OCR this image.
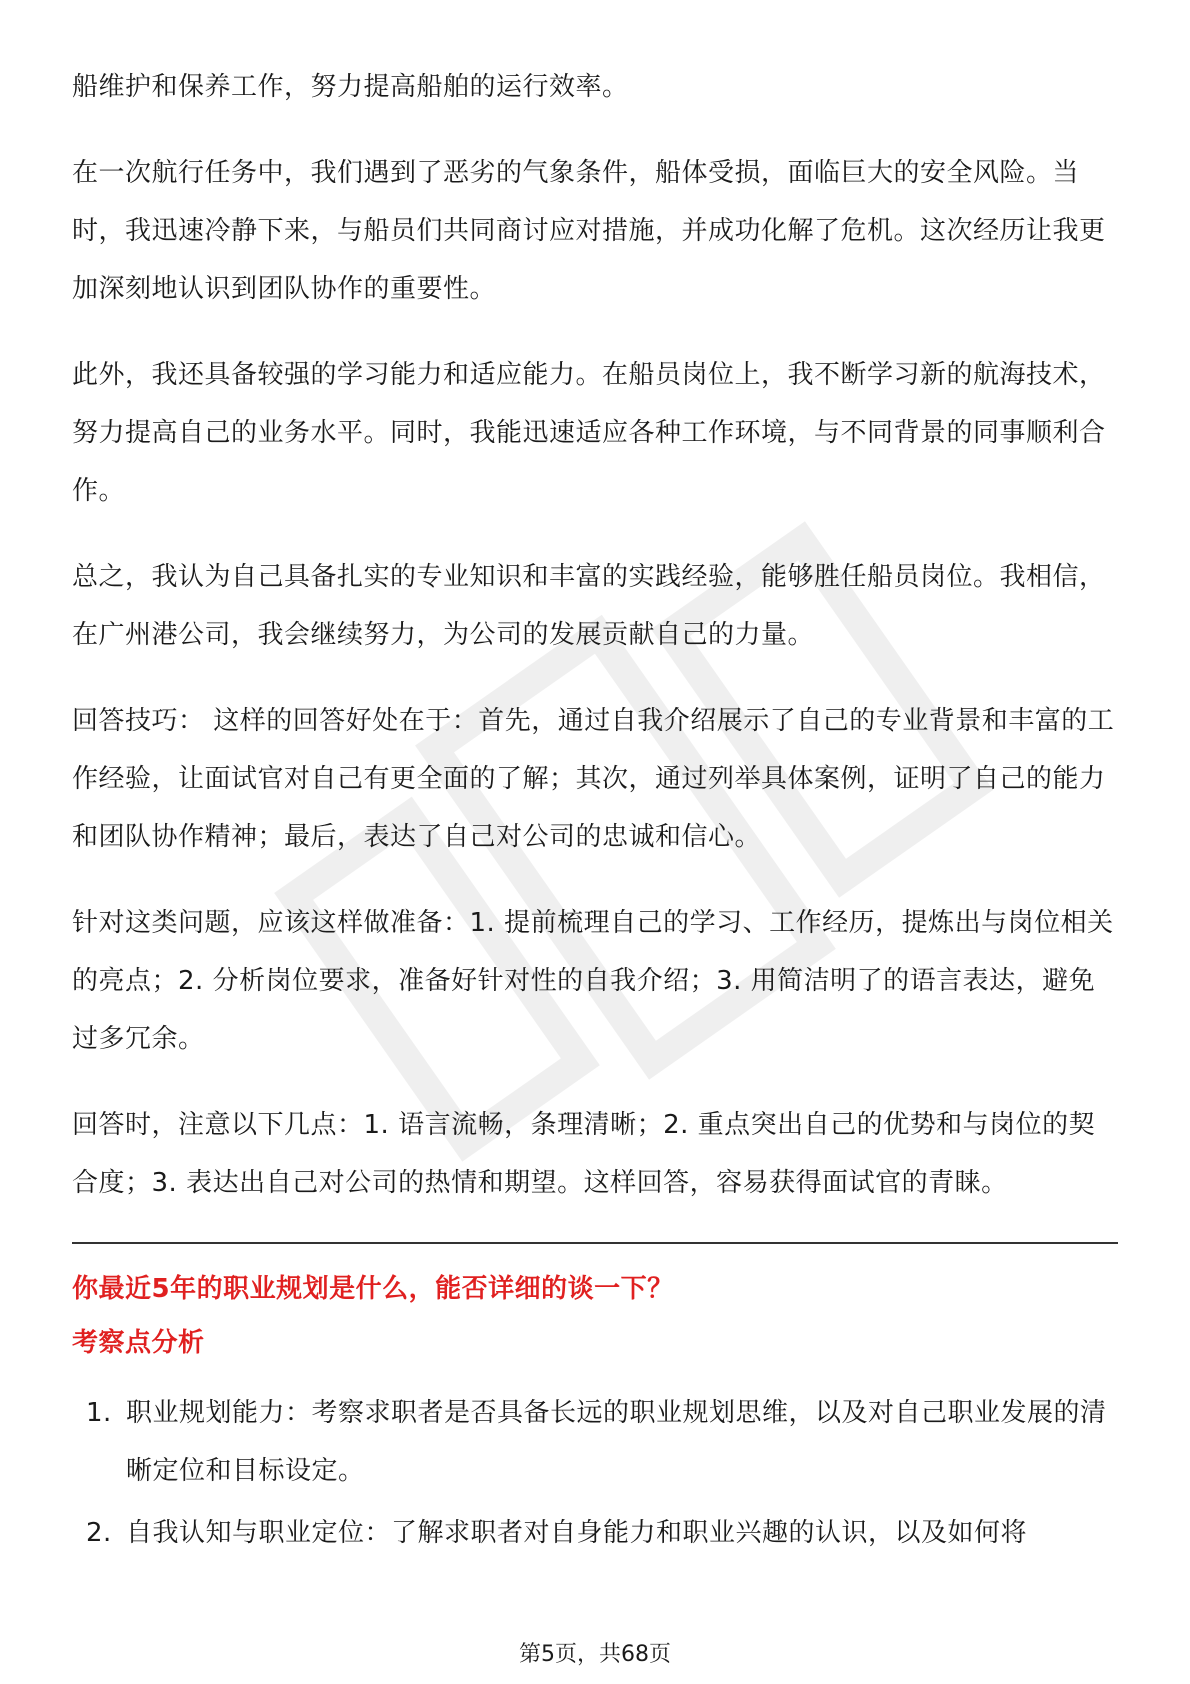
船维护和保养工作，努力提高船舶的运行效率。

在一次航行任务中，我们遇到了恶劣的气象条件，船体受损，面临巨大的安全风险。当时，我迅速冷静下来，与船员们共同商讨应对措施，并成功化解了危机。这次经历让我更加深刻地认识到团队协作的重要性。

此外，我还具备较强的学习能力和适应能力。在船员岗位上，我不断学习新的航海技术，努力提高自己的业务水平。同时，我能迅速适应各种工作环境，与不同背景的同事顺利合作。

总之，我认为自己具备扎实的专业知识和丰富的实践经验，能够胜任船员岗位。我相信，在广州港公司，我会继续努力，为公司的发展贡献自己的力量。

回答技巧： 这样的回答好处在于：首先，通过自我介绍展示了自己的专业背景和丰富的工作经验，让面试官对自己有更全面的了解；其次，通过列举具体案例，证明了自己的能力和团队协作精神；最后，表达了自己对公司的忠诚和信心。

针对这类问题，应该这样做准备：1. 提前梳理自己的学习、工作经历，提炼出与岗位相关的亮点；2. 分析岗位要求，准备好针对性的自我介绍；3. 用简洁明了的语言表达，避免过多冗余。

回答时，注意以下几点：1. 语言流畅，条理清晰；2. 重点突出自己的优势和与岗位的契合度；3. 表达出自己对公司的热情和期望。这样回答，容易获得面试官的青睐。

你最近5年的职业规划是什么，能否详细的谈一下？

考察点分析

1. 职业规划能力：考察求职者是否具备长远的职业规划思维，以及对自己职业发展的清晰定位和目标设定。
2. 自我认知与职业定位：了解求职者对自身能力和职业兴趣的认识，以及如何将
第5页，共68页
